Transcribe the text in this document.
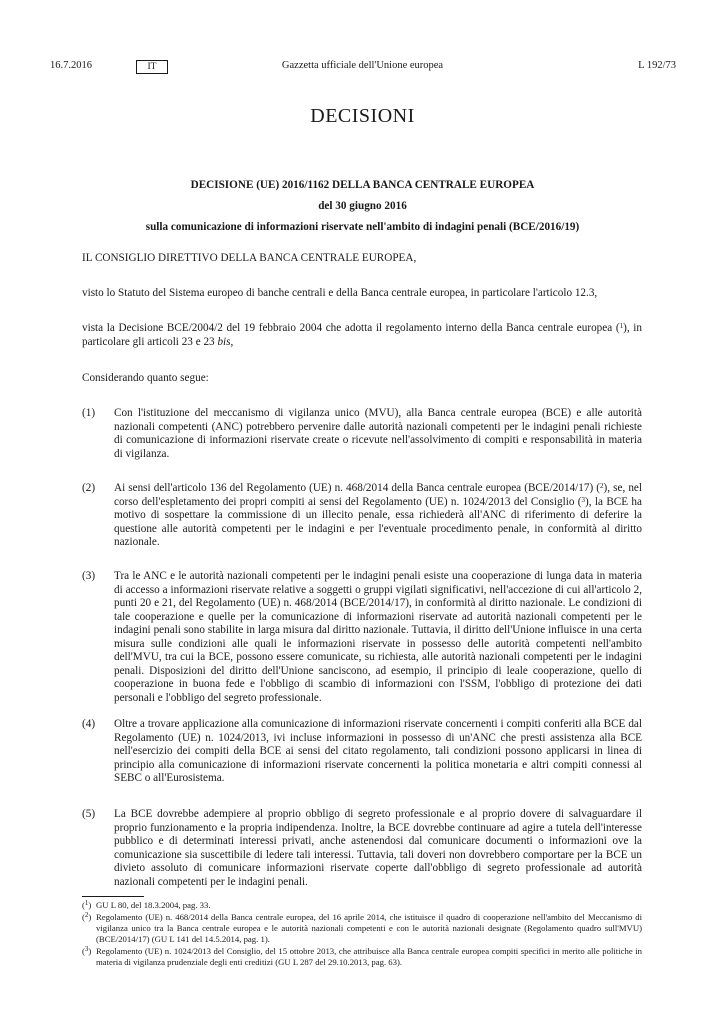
16.7.2016	Gazzetta ufficiale dell'Unione europea
IT	L 192/73
DECISIONI
DECISIONE (UE) 2016/1162 DELLA BANCA CENTRALE EUROPEA
del 30 giugno 2016
sulla comunicazione di informazioni riservate nell'ambito di indagini penali (BCE/2016/19)
IL CONSIGLIO DIRETTIVO DELLA BANCA CENTRALE EUROPEA,
visto lo Statuto del Sistema europeo di banche centrali e della Banca centrale europea, in particolare l'articolo 12.3,
vista la Decisione BCE/2004/2 del 19 febbraio 2004 che adotta il regolamento interno della Banca centrale europea ($^1$), in particolare gli articoli 23 e 23 bis,
Considerando quanto segue:
(1) Con l'istituzione del meccanismo di vigilanza unico (MVU), alla Banca centrale europea (BCE) e alle autorità nazionali competenti (ANC) potrebbero pervenire dalle autorità nazionali competenti per le indagini penali richieste di comunicazione di informazioni riservate create o ricevute nell'assolvimento di compiti e responsabilità in materia di vigilanza.
(2) Ai sensi dell'articolo 136 del Regolamento (UE) n. 468/2014 della Banca centrale europea (BCE/2014/17) ($^2$), se, nel corso dell'espletamento dei propri compiti ai sensi del Regolamento (UE) n. 1024/2013 del Consiglio ($^3$), la BCE ha motivo di sospettare la commissione di un illecito penale, essa richiederà all'ANC di riferimento di deferire la questione alle autorità competenti per le indagini e per l'eventuale procedimento penale, in conformità al diritto nazionale.
(3) Tra le ANC e le autorità nazionali competenti per le indagini penali esiste una cooperazione di lunga data in materia di accesso a informazioni riservate relative a soggetti o gruppi vigilati significativi, nell'accezione di cui all'articolo 2, punti 20 e 21, del Regolamento (UE) n. 468/2014 (BCE/2014/17), in conformità al diritto nazionale. Le condizioni di tale cooperazione e quelle per la comunicazione di informazioni riservate ad autorità nazionali competenti per le indagini penali sono stabilite in larga misura dal diritto nazionale. Tuttavia, il diritto dell'Unione influisce in una certa misura sulle condizioni alle quali le informazioni riservate in possesso delle autorità competenti nell'ambito dell'MVU, tra cui la BCE, possono essere comunicate, su richiesta, alle autorità nazionali competenti per le indagini penali. Disposizioni del diritto dell'Unione sanciscono, ad esempio, il principio di leale cooperazione, quello di cooperazione in buona fede e l'obbligo di scambio di informazioni con l'SSM, l'obbligo di protezione dei dati personali e l'obbligo del segreto professionale.
(4) Oltre a trovare applicazione alla comunicazione di informazioni riservate concernenti i compiti conferiti alla BCE dal Regolamento (UE) n. 1024/2013, ivi incluse informazioni in possesso di un'ANC che presti assistenza alla BCE nell'esercizio dei compiti della BCE ai sensi del citato regolamento, tali condizioni possono applicarsi in linea di principio alla comunicazione di informazioni riservate concernenti la politica monetaria e altri compiti connessi al SEBC o all'Eurosistema.
(5) La BCE dovrebbe adempiere al proprio obbligo di segreto professionale e al proprio dovere di salvaguardare il proprio funzionamento e la propria indipendenza. Inoltre, la BCE dovrebbe continuare ad agire a tutela dell'interesse pubblico e di determinati interessi privati, anche astenendosi dal comunicare documenti o informazioni ove la comunicazione sia suscettibile di ledere tali interessi. Tuttavia, tali doveri non dovrebbero comportare per la BCE un divieto assoluto di comunicare informazioni riservate coperte dall'obbligo di segreto professionale ad autorità nazionali competenti per le indagini penali.
($^1$) GU L 80, del 18.3.2004, pag. 33.
($^2$) Regolamento (UE) n. 468/2014 della Banca centrale europea, del 16 aprile 2014, che istituisce il quadro di cooperazione nell'ambito del Meccanismo di vigilanza unico tra la Banca centrale europea e le autorità nazionali competenti e con le autorità nazionali designate (Regolamento quadro sull'MVU) (BCE/2014/17) (GU L 141 del 14.5.2014, pag. 1).
($^3$) Regolamento (UE) n. 1024/2013 del Consiglio, del 15 ottobre 2013, che attribuisce alla Banca centrale europea compiti specifici in merito alle politiche in materia di vigilanza prudenziale degli enti creditizi (GU L 287 del 29.10.2013, pag. 63).
